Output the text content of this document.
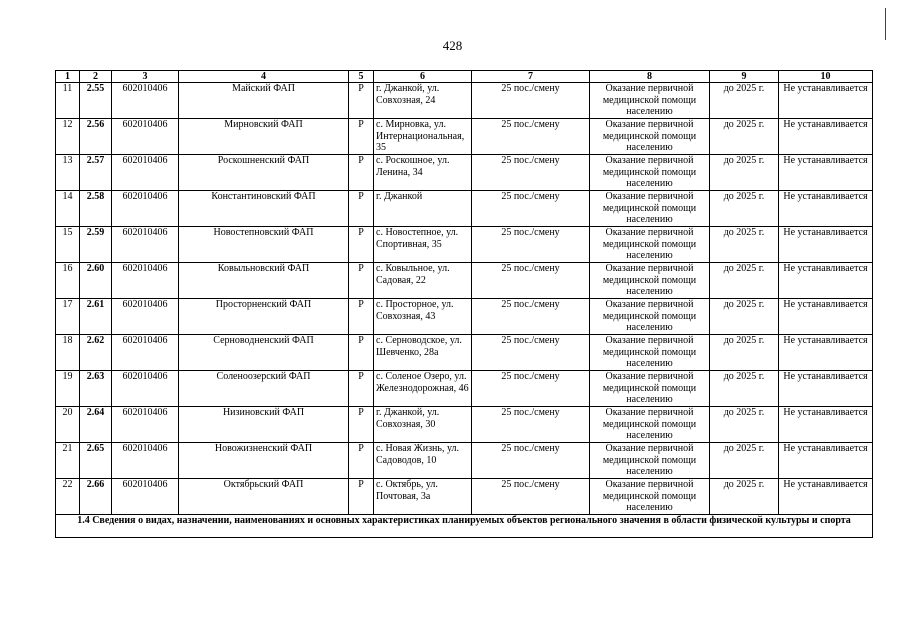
428
1	2	3	4	5	6	7	8	9	10
11	2.55	602010406	Майский ФАП	Р	г. Джанкой, ул. Совхозная, 24	25 пос./смену	Оказание первичной медицинской помощи населению	до 2025 г.	Не устанавливается
12	2.56	602010406	Мирновский ФАП	Р	с. Мирновка, ул. Интернациональная, 35	25 пос./смену	Оказание первичной медицинской помощи населению	до 2025 г.	Не устанавливается
13	2.57	602010406	Роскошненский ФАП	Р	с. Роскошное, ул. Ленина, 34	25 пос./смену	Оказание первичной медицинской помощи населению	до 2025 г.	Не устанавливается
14	2.58	602010406	Константиновский ФАП	Р	г. Джанкой	25 пос./смену	Оказание первичной медицинской помощи населению	до 2025 г.	Не устанавливается
15	2.59	602010406	Новостепновский ФАП	Р	с. Новостепное, ул. Спортивная, 35	25 пос./смену	Оказание первичной медицинской помощи населению	до 2025 г.	Не устанавливается
16	2.60	602010406	Ковыльновский ФАП	Р	с. Ковыльное, ул. Садовая, 22	25 пос./смену	Оказание первичной медицинской помощи населению	до 2025 г.	Не устанавливается
17	2.61	602010406	Просторненский ФАП	Р	с. Просторное, ул. Совхозная, 43	25 пос./смену	Оказание первичной медицинской помощи населению	до 2025 г.	Не устанавливается
18	2.62	602010406	Серноводненский ФАП	Р	с. Серноводское, ул. Шевченко, 28а	25 пос./смену	Оказание первичной медицинской помощи населению	до 2025 г.	Не устанавливается
19	2.63	602010406	Соленоозерский ФАП	Р	с. Соленое Озеро, ул. Железнодорожная, 46	25 пос./смену	Оказание первичной медицинской помощи населению	до 2025 г.	Не устанавливается
20	2.64	602010406	Низиновский ФАП	Р	г. Джанкой, ул. Совхозная, 30	25 пос./смену	Оказание первичной медицинской помощи населению	до 2025 г.	Не устанавливается
21	2.65	602010406	Новожизненский ФАП	Р	с. Новая Жизнь, ул. Садоводов, 10	25 пос./смену	Оказание первичной медицинской помощи населению	до 2025 г.	Не устанавливается
22	2.66	602010406	Октябрьский ФАП	Р	с. Октябрь, ул. Почтовая, 3а	25 пос./смену	Оказание первичной медицинской помощи населению	до 2025 г.	Не устанавливается
1.4 Сведения о видах, назначении, наименованиях и основных характеристиках планируемых объектов регионального значения в области физической культуры и спорта									
